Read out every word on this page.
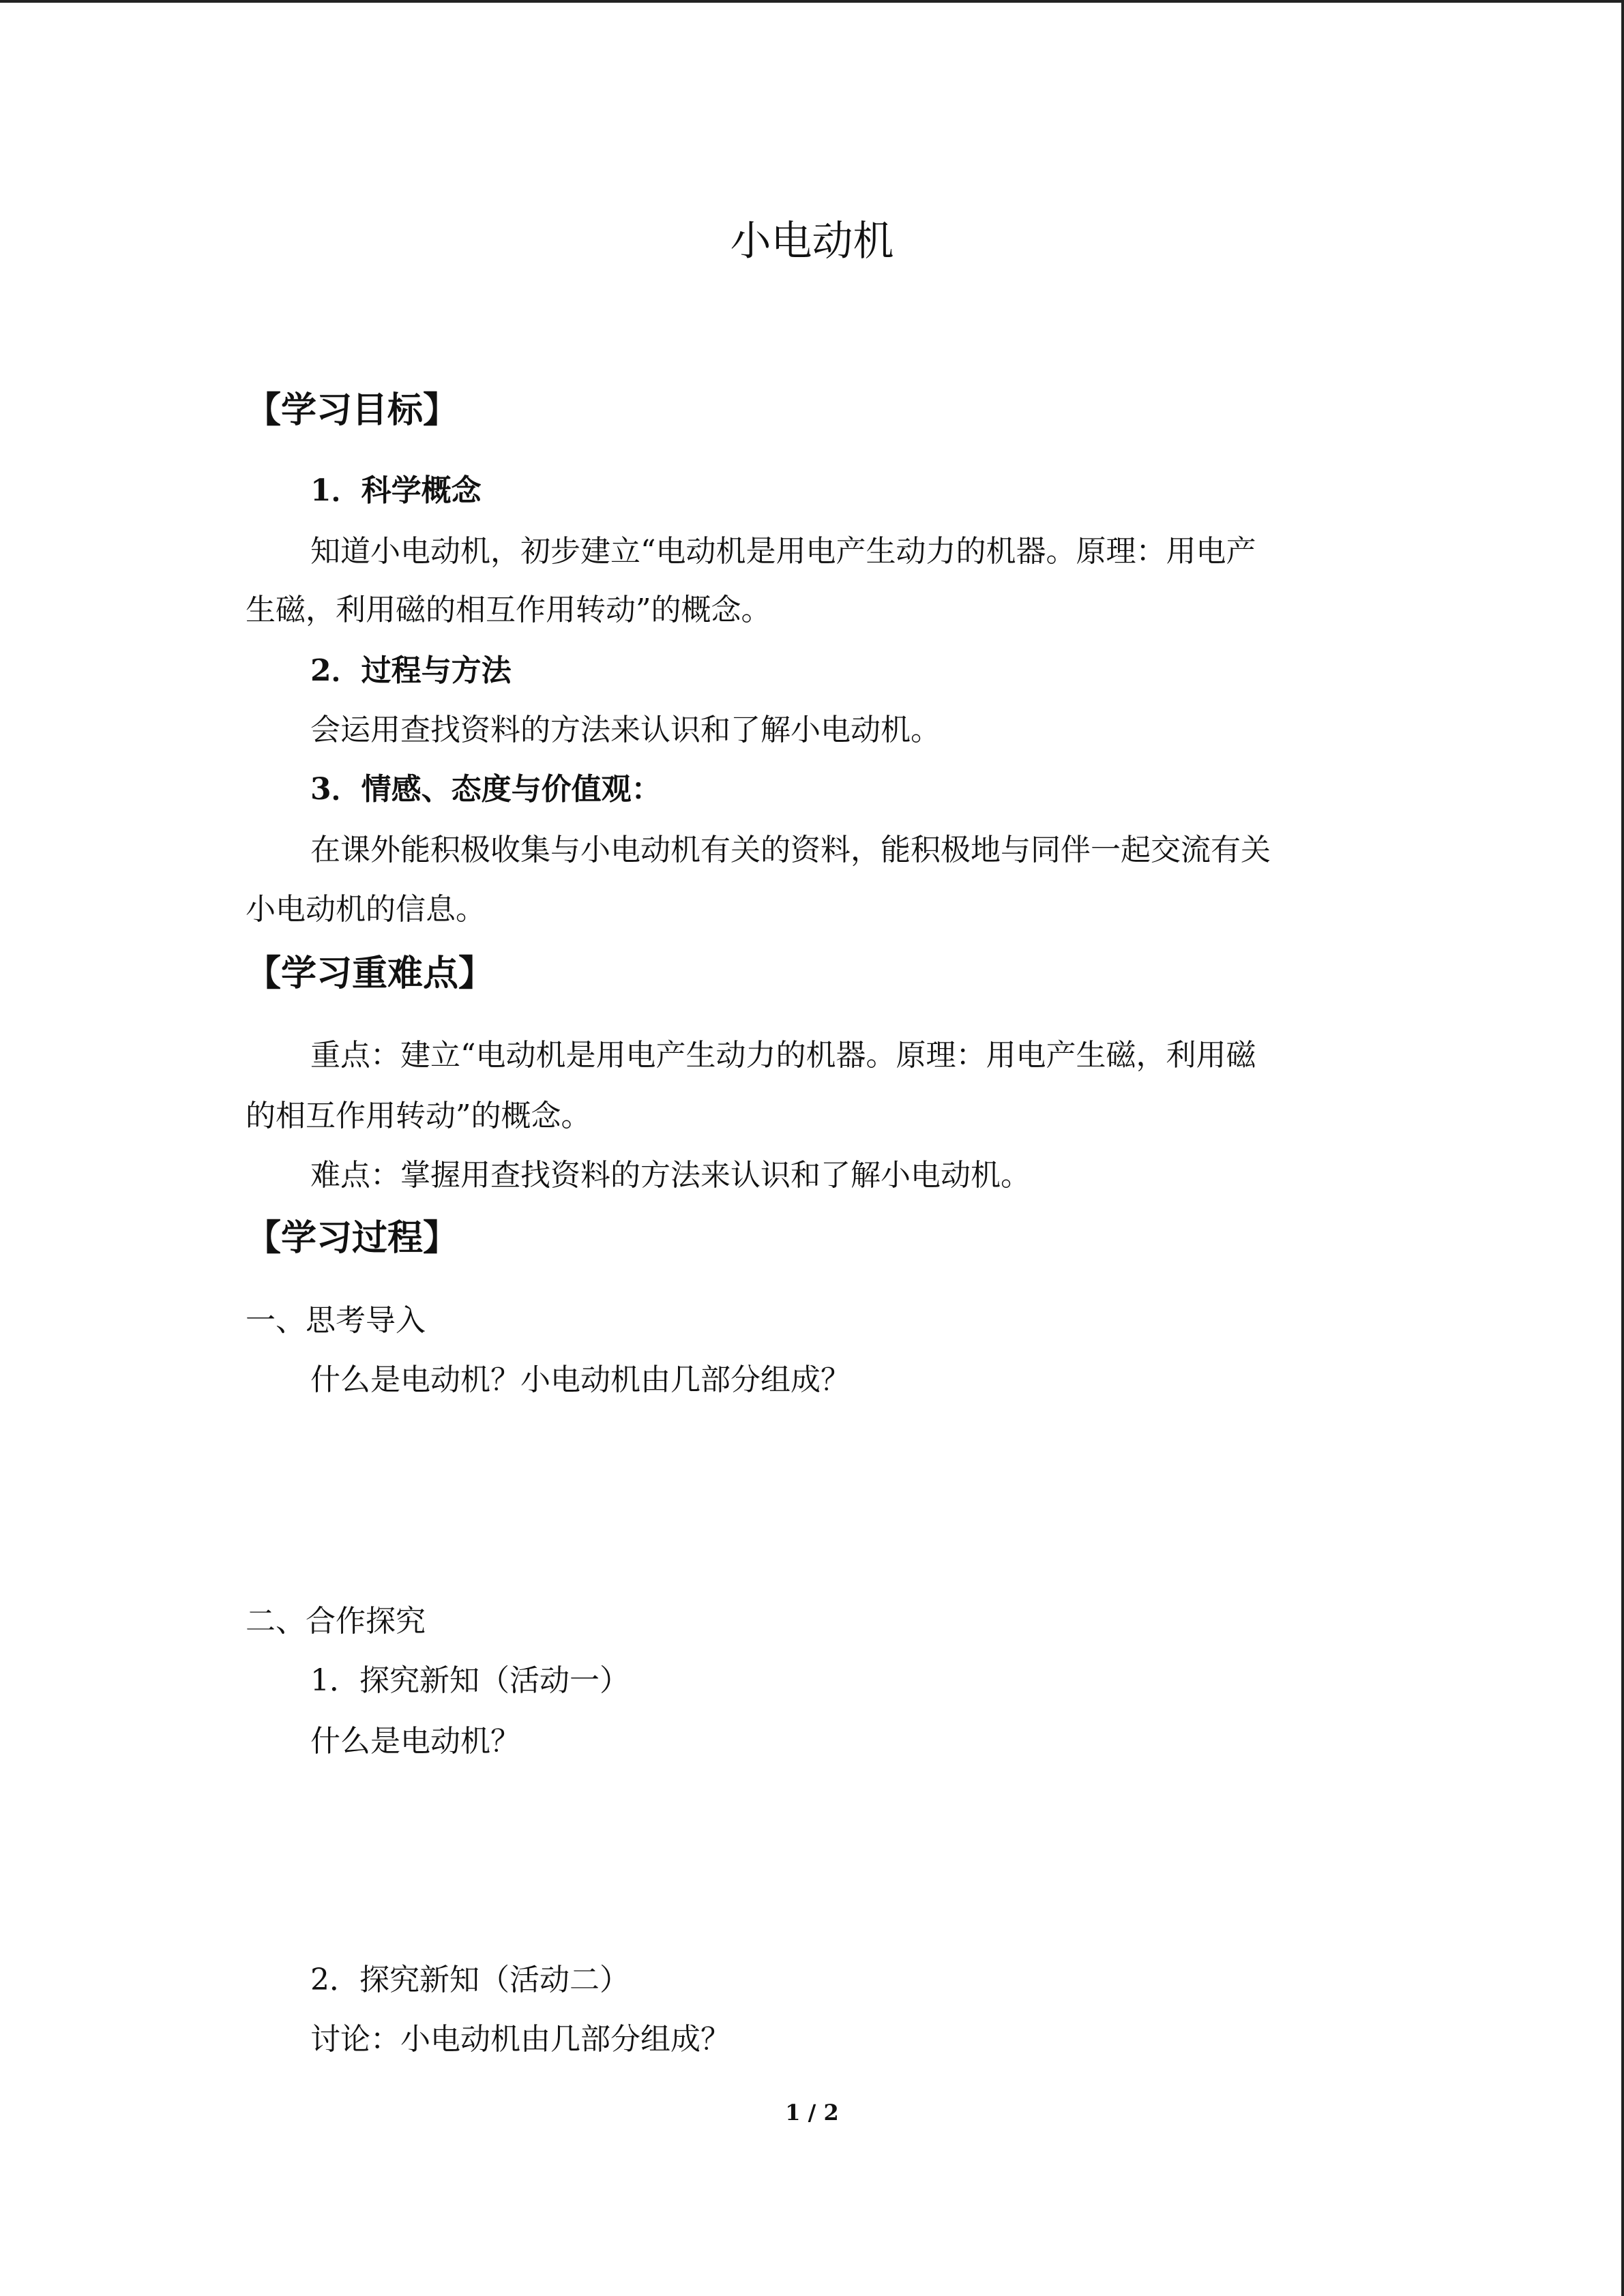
小电动机
【学习目标】
1．科学概念
知道小电动机，初步建立“电动机是用电产生动力的机器。原理：用电产
生磁，利用磁的相互作用转动”的概念。
2．过程与方法
会运用查找资料的方法来认识和了解小电动机。
3．情感、态度与价值观：
在课外能积极收集与小电动机有关的资料，能积极地与同伴一起交流有关
小电动机的信息。
【学习重难点】
重点：建立“电动机是用电产生动力的机器。原理：用电产生磁，利用磁
的相互作用转动”的概念。
难点：掌握用查找资料的方法来认识和了解小电动机。
【学习过程】
一、思考导入
什么是电动机？小电动机由几部分组成？
二、合作探究
1．探究新知（活动一）
什么是电动机？
2．探究新知（活动二）
讨论：小电动机由几部分组成？
1 / 2
